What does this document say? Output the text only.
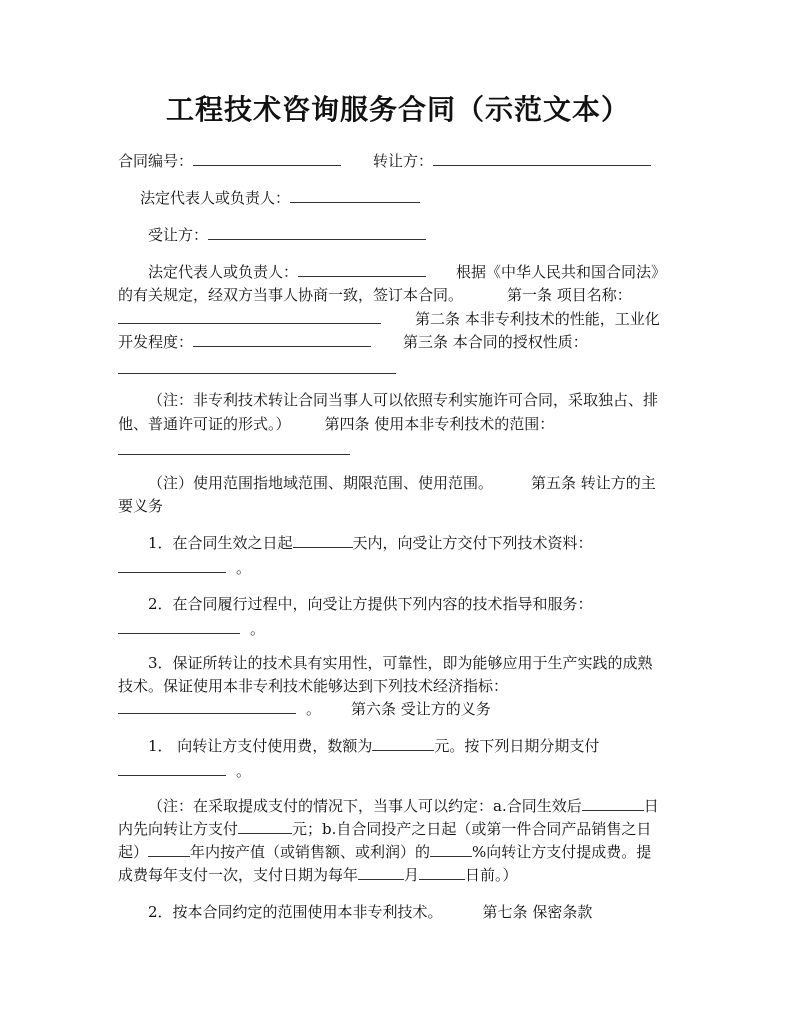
工程技术咨询服务合同（示范文本）
合同编号：	转让方：
法定代表人或负责人：
受让方：
法定代表人或负责人：	根据《中华人民共和国合同法》
的有关规定，经双方当事人协商一致，签订本合同。	第一条 项目名称：
第二条 本非专利技术的性能，工业化
开发程度：	第三条 本合同的授权性质：
（注：非专利技术转让合同当事人可以依照专利实施许可合同，采取独占、排
他、普通许可证的形式。） 第四条 使用本非专利技术的范围：
（注）使用范围指地域范围、期限范围、使用范围。	第五条 转让方的主
要义务
1．在合同生效之日起	天内，向受让方交付下列技术资料：
。
2．在合同履行过程中，向受让方提供下列内容的技术指导和服务：
。
3．保证所转让的技术具有实用性，可靠性，即为能够应用于生产实践的成熟
技术。保证使用本非专利技术能够达到下列技术经济指标：
。 第六条 受让方的义务
1． 向转让方支付使用费，数额为	元。按下列日期分期支付
。
（注：在采取提成支付的情况下，当事人可以约定：a.合同生效后	日
内先向转让方支付	元；b.自合同投产之日起（或第一件合同产品销售之日
起）	年内按产值（或销售额、或利润）的	%向转让方支付提成费。提
成费每年支付一次，支付日期为每年	月	日前。）
2．按本合同约定的范围使用本非专利技术。	第七条 保密条款
